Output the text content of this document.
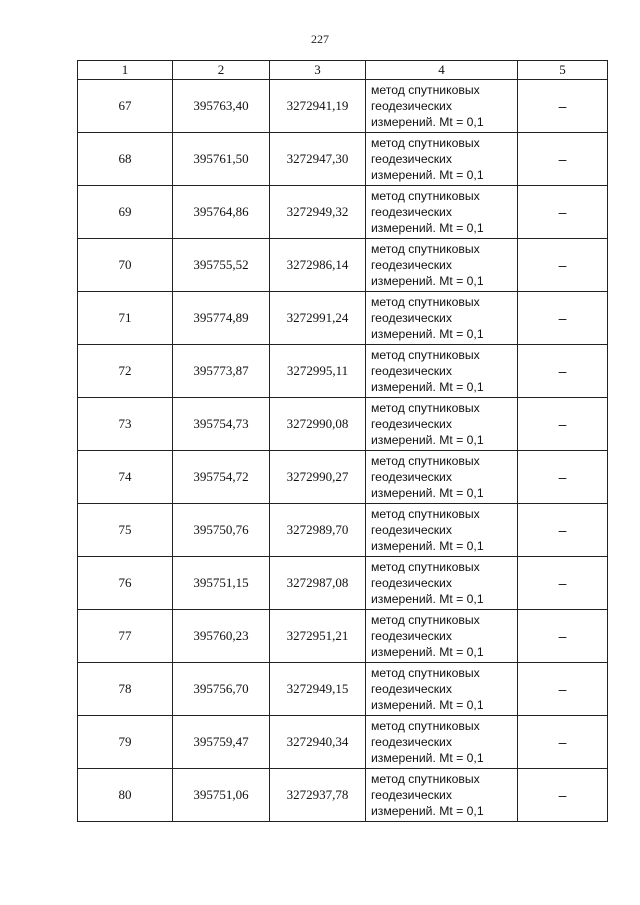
227
1	2	3	4	5
67	395763,40	3272941,19	метод спутниковых
геодезических
измерений. Mt = 0,1	–
68	395761,50	3272947,30	метод спутниковых
геодезических
измерений. Mt = 0,1	–
69	395764,86	3272949,32	метод спутниковых
геодезических
измерений. Mt = 0,1	–
70	395755,52	3272986,14	метод спутниковых
геодезических
измерений. Mt = 0,1	–
71	395774,89	3272991,24	метод спутниковых
геодезических
измерений. Mt = 0,1	–
72	395773,87	3272995,11	метод спутниковых
геодезических
измерений. Mt = 0,1	–
73	395754,73	3272990,08	метод спутниковых
геодезических
измерений. Mt = 0,1	–
74	395754,72	3272990,27	метод спутниковых
геодезических
измерений. Mt = 0,1	–
75	395750,76	3272989,70	метод спутниковых
геодезических
измерений. Mt = 0,1	–
76	395751,15	3272987,08	метод спутниковых
геодезических
измерений. Mt = 0,1	–
77	395760,23	3272951,21	метод спутниковых
геодезических
измерений. Mt = 0,1	–
78	395756,70	3272949,15	метод спутниковых
геодезических
измерений. Mt = 0,1	–
79	395759,47	3272940,34	метод спутниковых
геодезических
измерений. Mt = 0,1	–
80	395751,06	3272937,78	метод спутниковых
геодезических
измерений. Mt = 0,1	–
